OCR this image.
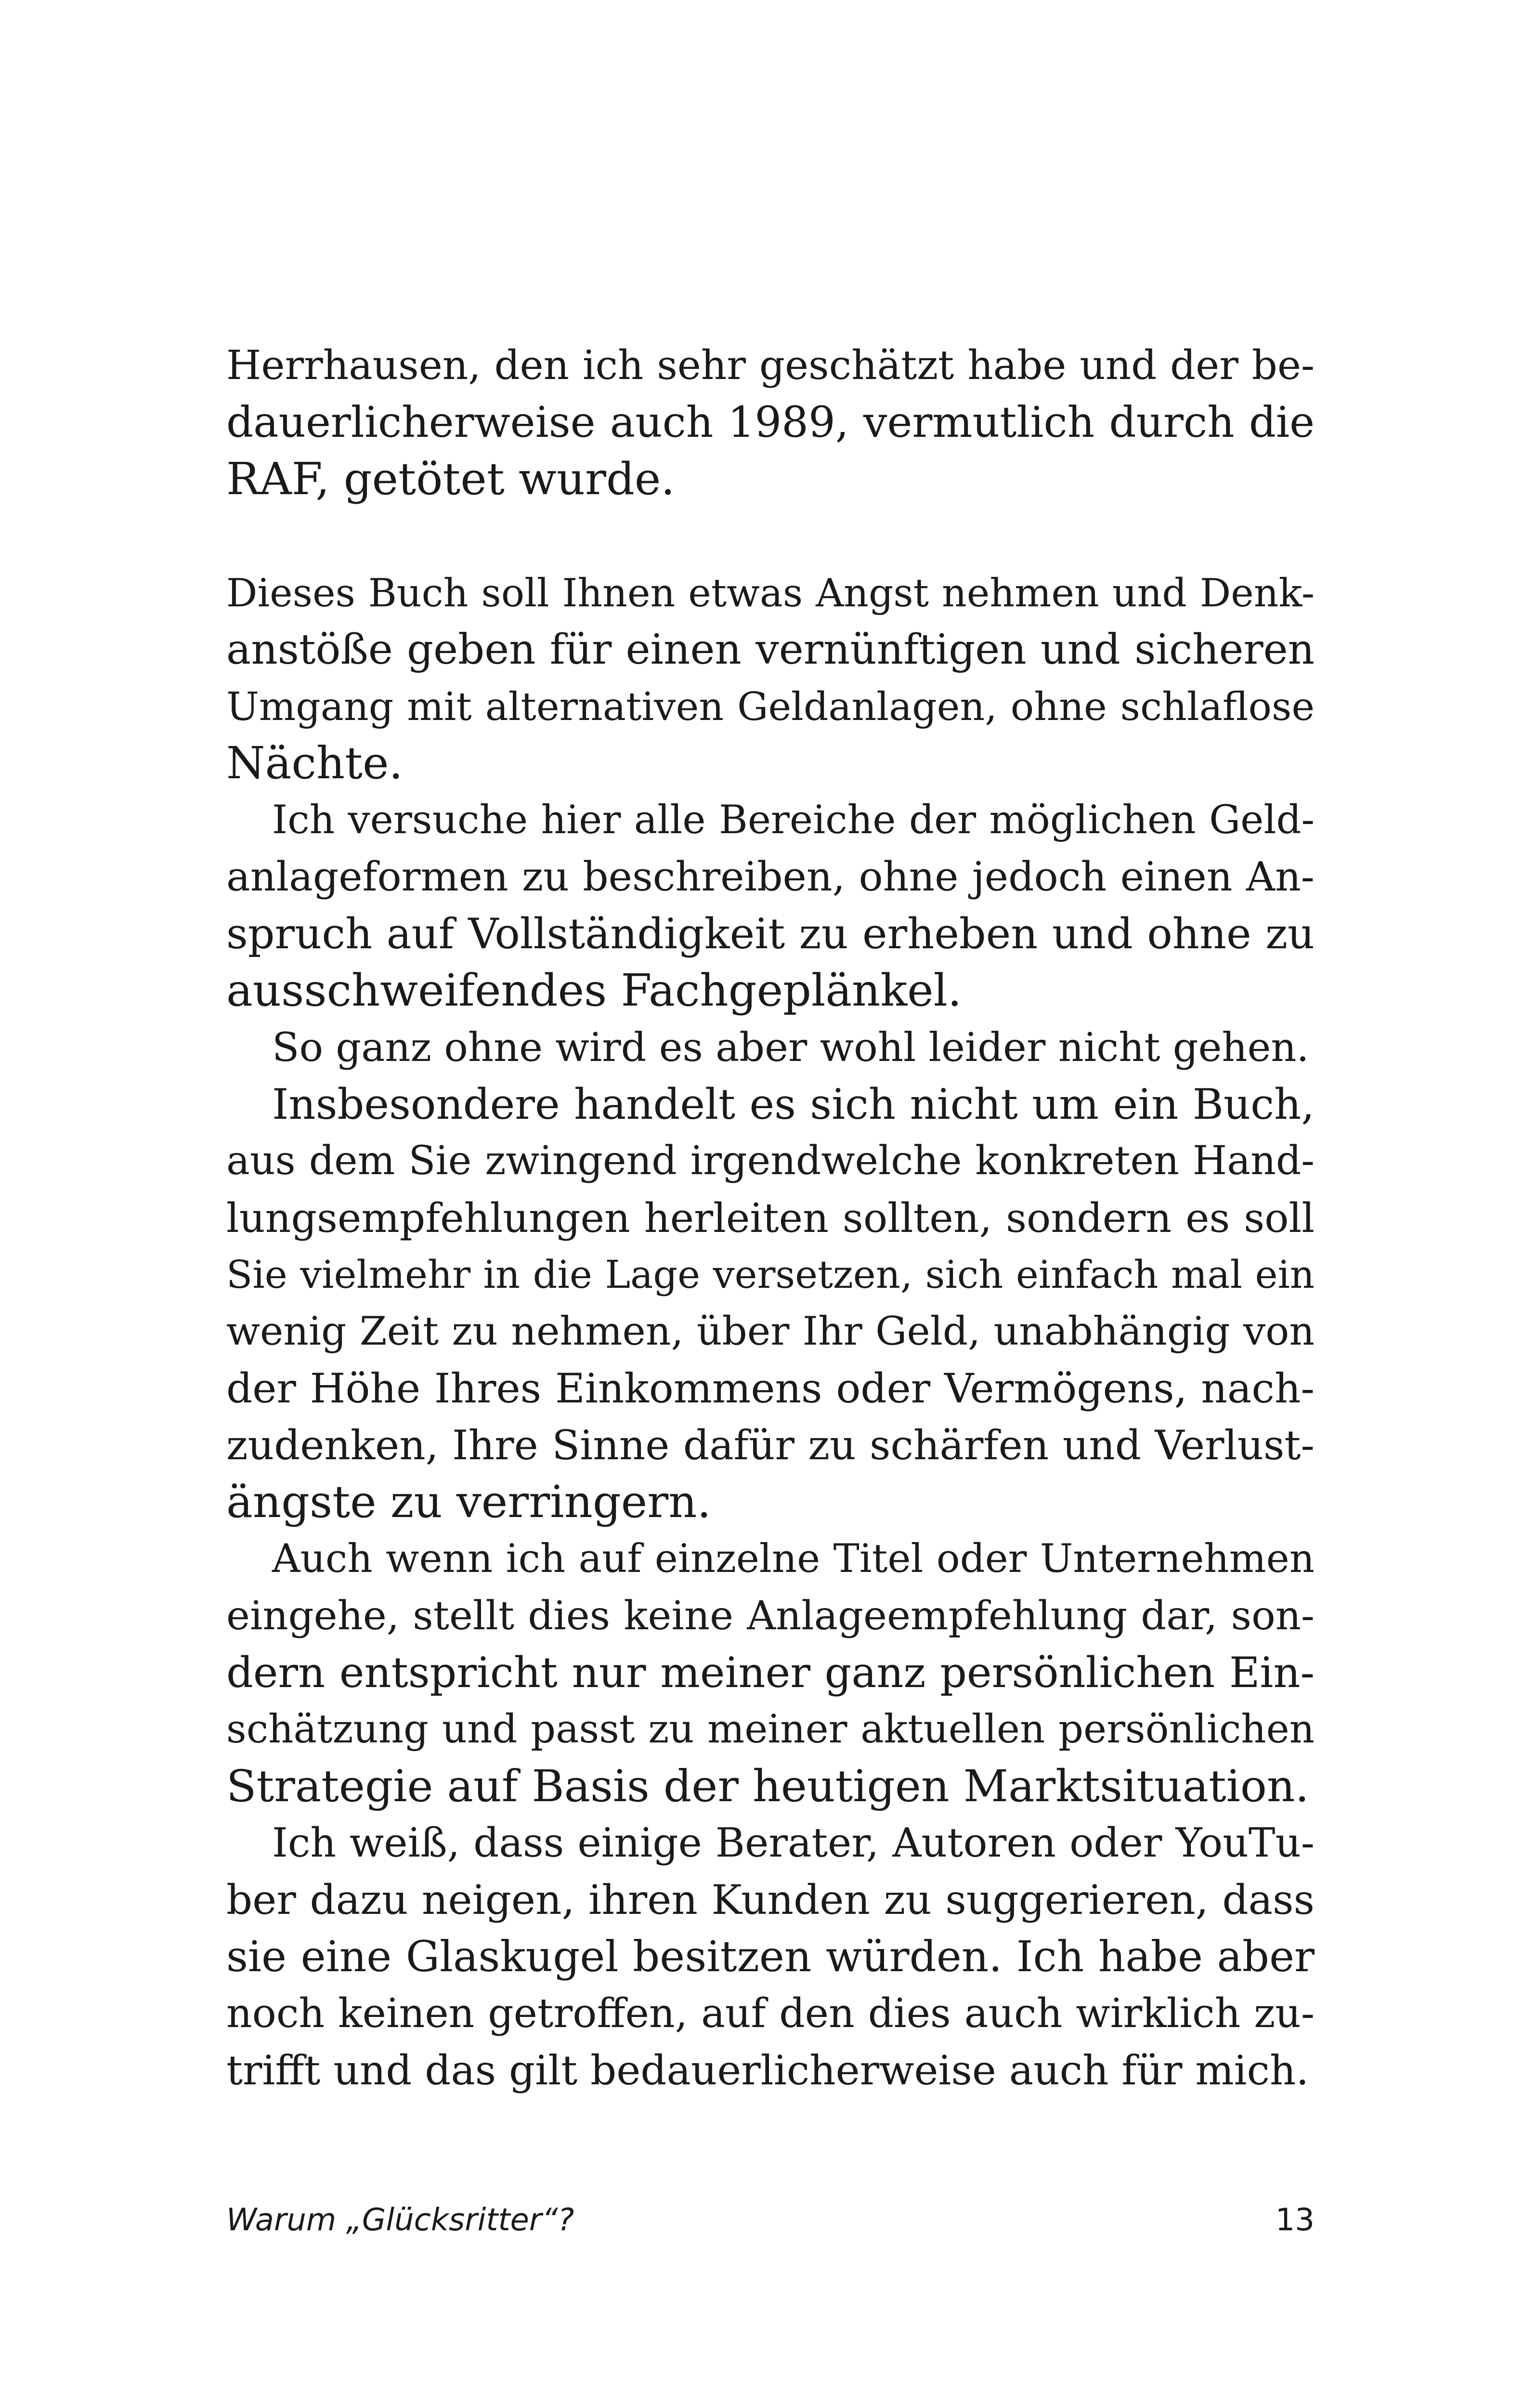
Herrhausen, den ich sehr geschätzt habe und der be-
dauerlicherweise auch 1989, vermutlich durch die
RAF, getötet wurde.
Dieses Buch soll Ihnen etwas Angst nehmen und Denk-
anstöße geben für einen vernünftigen und sicheren
Umgang mit alternativen Geldanlagen, ohne schlaflose
Nächte.
Ich versuche hier alle Bereiche der möglichen Geld-
anlageformen zu beschreiben, ohne jedoch einen An-
spruch auf Vollständigkeit zu erheben und ohne zu
ausschweifendes Fachgeplänkel.
So ganz ohne wird es aber wohl leider nicht gehen.
Insbesondere handelt es sich nicht um ein Buch,
aus dem Sie zwingend irgendwelche konkreten Hand-
lungsempfehlungen herleiten sollten, sondern es soll
Sie vielmehr in die Lage versetzen, sich einfach mal ein
wenig Zeit zu nehmen, über Ihr Geld, unabhängig von
der Höhe Ihres Einkommens oder Vermögens, nach-
zudenken, Ihre Sinne dafür zu schärfen und Verlust-
ängste zu verringern.
Auch wenn ich auf einzelne Titel oder Unternehmen
eingehe, stellt dies keine Anlageempfehlung dar, son-
dern entspricht nur meiner ganz persönlichen Ein-
schätzung und passt zu meiner aktuellen persönlichen
Strategie auf Basis der heutigen Marktsituation.
Ich weiß, dass einige Berater, Autoren oder YouTu-
ber dazu neigen, ihren Kunden zu suggerieren, dass
sie eine Glaskugel besitzen würden. Ich habe aber
noch keinen getroffen, auf den dies auch wirklich zu-
trifft und das gilt bedauerlicherweise auch für mich.
Warum „Glücksritter“?	13
